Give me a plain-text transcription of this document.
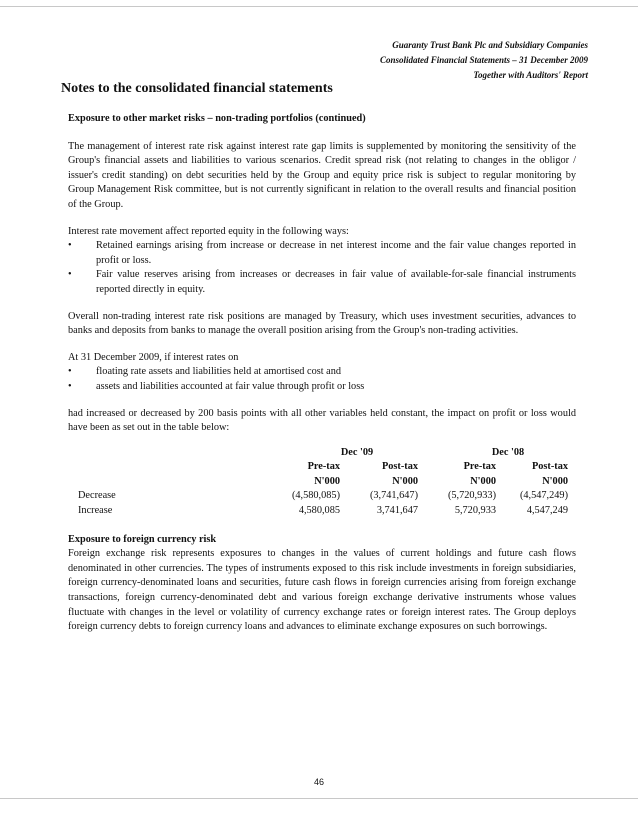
Guaranty Trust Bank Plc and Subsidiary Companies
Consolidated Financial Statements – 31 December 2009
Together with Auditors' Report
Notes to the consolidated financial statements

Exposure to other market risks – non-trading portfolios (continued)

The management of interest rate risk against interest rate gap limits is supplemented by monitoring the sensitivity of the Group's financial assets and liabilities to various scenarios. Credit spread risk (not relating to changes in the obligor / issuer's credit standing) on debt securities held by the Group and equity price risk is subject to regular monitoring by Group Management Risk committee, but is not currently significant in relation to the overall results and financial position of the Group.

Interest rate movement affect reported equity in the following ways:

•	Retained earnings arising from increase or decrease in net interest income and the fair value changes reported in profit or loss.
•	Fair value reserves arising from increases or decreases in fair value of available-for-sale financial instruments reported directly in equity.

Overall non-trading interest rate risk positions are managed by Treasury, which uses investment securities, advances to banks and deposits from banks to manage the overall position arising from the Group's non-trading activities.

At 31 December 2009, if interest rates on

•	floating rate assets and liabilities held at amortised cost and
•	assets and liabilities accounted at fair value through profit or loss

had increased or decreased by 200 basis points with all other variables held constant, the impact on profit or loss would have been as set out in the table below:

	Dec '09		Dec '08	
	Pre-tax	Post-tax	Pre-tax	Post-tax
	N'000	N'000	N'000	N'000
Decrease	(4,580,085)	(3,741,647)	(5,720,933)	(4,547,249)
Increase	4,580,085	3,741,647	5,720,933	4,547,249

Exposure to foreign currency risk

Foreign exchange risk represents exposures to changes in the values of current holdings and future cash flows denominated in other currencies. The types of instruments exposed to this risk include investments in foreign subsidiaries, foreign currency-denominated loans and securities, future cash flows in foreign currencies arising from foreign exchange transactions, foreign currency-denominated debt and various foreign exchange derivative instruments whose values fluctuate with changes in the level or volatility of currency exchange rates or foreign interest rates. The Group deploys foreign currency debts to foreign currency loans and advances to eliminate exchange exposures on such borrowings.

46
